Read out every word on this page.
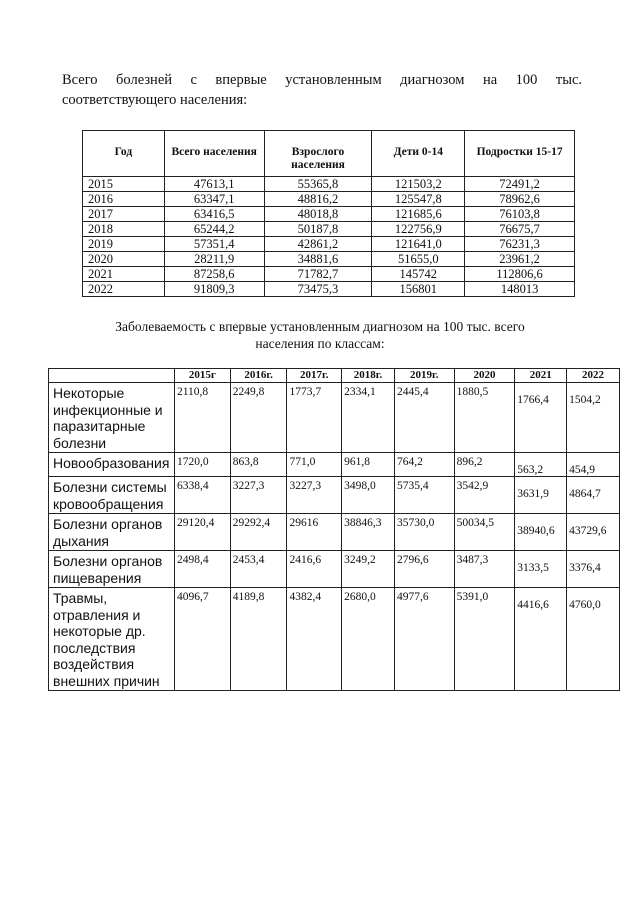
Всего болезней с впервые установленным диагнозом на 100 тыс.
соответствующего населения:

Год	Всего населения	Взрослого населения	Дети 0-14	Подростки 15-17
2015	47613,1	55365,8	121503,2	72491,2
2016	63347,1	48816,2	125547,8	78962,6
2017	63416,5	48018,8	121685,6	76103,8
2018	65244,2	50187,8	122756,9	76675,7
2019	57351,4	42861,2	121641,0	76231,3
2020	28211,9	34881,6	51655,0	23961,2
2021	87258,6	71782,7	145742	112806,6
2022	91809,3	73475,3	156801	148013
Заболеваемость с впервые установленным диагнозом на 100 тыс. всего
населения по классам:
	2015г	2016г.	2017г.	2018г.	2019г.	2020	2021	2022
Некоторые инфекционные и паразитарные болезни	2110,8	2249,8	1773,7	2334,1	2445,4	1880,5	1766,4	1504,2
Новообразования	1720,0	863,8	771,0	961,8	764,2	896,2	563,2	454,9
Болезни системы кровообращения	6338,4	3227,3	3227,3	3498,0	5735,4	3542,9	3631,9	4864,7
Болезни органов дыхания	29120,4	29292,4	29616	38846,3	35730,0	50034,5	38940,6	43729,6
Болезни органов пищеварения	2498,4	2453,4	2416,6	3249,2	2796,6	3487,3	3133,5	3376,4
Травмы, отравления и некоторые др. последствия воздействия внешних причин	4096,7	4189,8	4382,4	2680,0	4977,6	5391,0	4416,6	4760,0
